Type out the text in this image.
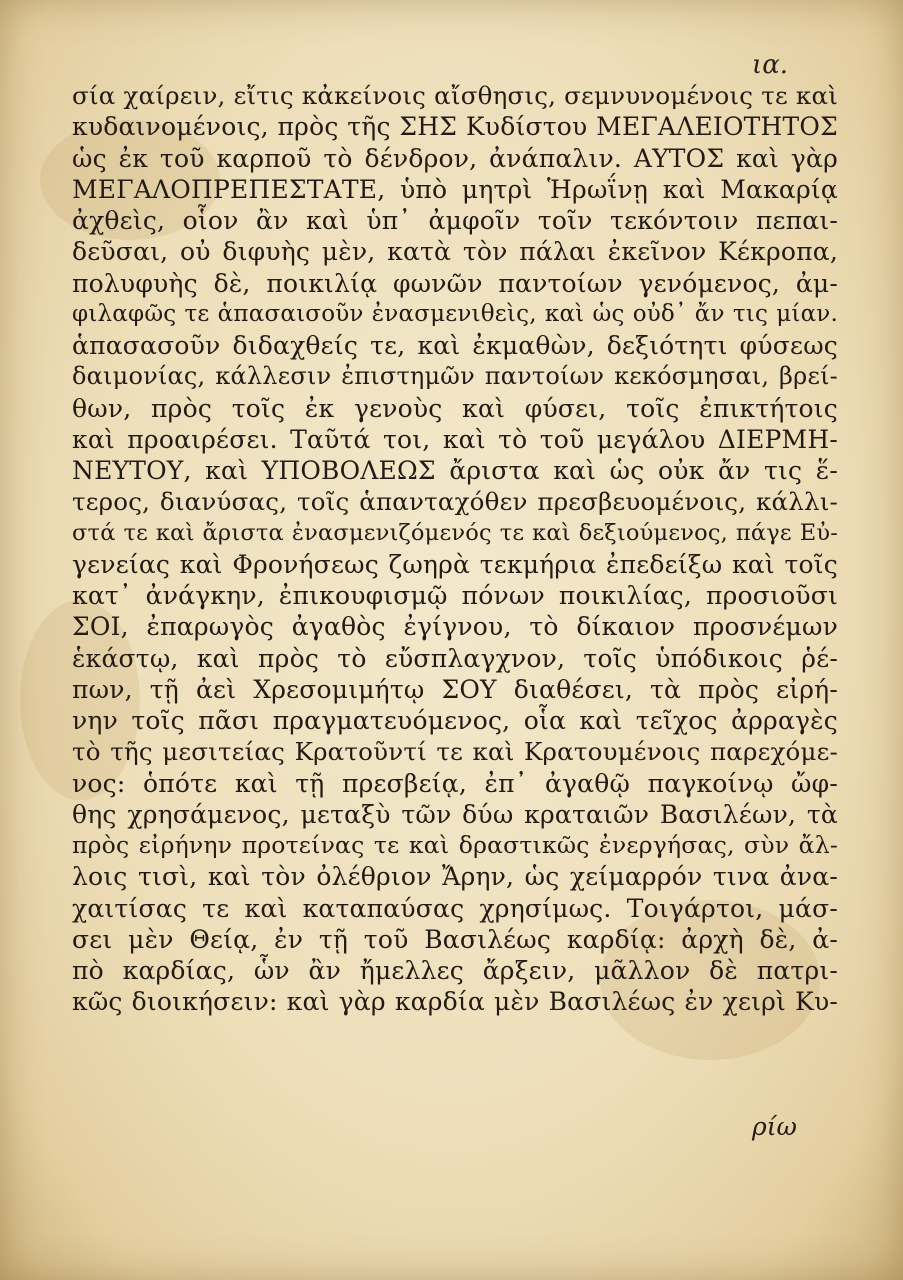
ια.
σία χαίρειν, εἴτις κἀκείνοις αἴσθησις, σεμνυνομένοις τε καὶ
κυδαινομένοις, πρὸς τῆς ΣΗΣ Κυδίστου ΜΕΓΑΛΕΙΟΤΗΤΟΣ
ὡς ἐκ τοῦ καρποῦ τὸ δένδρον, ἀνάπαλιν. ΑΥΤΟΣ καὶ γὰρ
ΜΕΓΑΛΟΠΡΕΠΕΣΤΑΤΕ, ὑπὸ μητρὶ Ἡρωΐνῃ καὶ Μακαρίᾳ
ἀχθεὶς, οἷον ἂν καὶ ὑπ᾽ ἀμφοῖν τοῖν τεκόντοιν πεπαι-
δεῦσαι, οὐ διφυὴς μὲν, κατὰ τὸν πάλαι ἐκεῖνον Κέκροπα,
πολυφυὴς δὲ, ποικιλίᾳ φωνῶν παντοίων γενόμενος, ἀμ-
φιλαφῶς τε ἁπασαισοῦν ἐνασμενιθεὶς, καὶ ὡς οὐδ᾽ ἄν τις μίαν.
ἁπασασοῦν διδαχθείς τε, καὶ ἐκμαθὼν, δεξιότητι φύσεως
δαιμονίας, κάλλεσιν ἐπιστημῶν παντοίων κεκόσμησαι, βρεί-
θων, πρὸς τοῖς ἐκ γενοὺς καὶ φύσει, τοῖς ἐπικτήτοις
καὶ προαιρέσει. Ταῦτά τοι, καὶ τὸ τοῦ μεγάλου ΔΙΕΡΜΗ-
ΝΕΥΤΟΥ, καὶ ΥΠΟΒΟΛΕΩΣ ἄριστα καὶ ὡς οὐκ ἄν τις ἕ-
τερος, διανύσας, τοῖς ἁπανταχόθεν πρεσβευομένοις, κάλλι-
στά τε καὶ ἄριστα ἐνασμενιζόμενός τε καὶ δεξιούμενος, πάγε Εὐ-
γενείας καὶ Φρονήσεως ζωηρὰ τεκμήρια ἐπεδείξω καὶ τοῖς
κατ᾽ ἀνάγκην, ἐπικουφισμῷ πόνων ποικιλίας, προσιοῦσι
ΣΟΙ, ἐπαρωγὸς ἀγαθὸς ἐγίγνου, τὸ δίκαιον προσνέμων
ἑκάστῳ, καὶ πρὸς τὸ εὔσπλαγχνον, τοῖς ὑπόδικοις ῥέ-
πων, τῇ ἀεὶ Χρεσομιμήτῳ ΣΟΥ διαθέσει, τὰ πρὸς εἰρή-
νην τοῖς πᾶσι πραγματευόμενος, οἷα καὶ τεῖχος ἀρραγὲς
τὸ τῆς μεσιτείας Κρατοῦντί τε καὶ Κρατουμένοις παρεχόμε-
νος: ὁπότε καὶ τῇ πρεσβείᾳ, ἐπ᾽ ἀγαθῷ παγκοίνῳ ὤφ-
θης χρησάμενος, μεταξὺ τῶν δύω κραταιῶν Βασιλέων, τὰ
πρὸς εἰρήνην προτείνας τε καὶ δραστικῶς ἐνεργήσας, σὺν ἄλ-
λοις τισὶ, καὶ τὸν ὀλέθριον Ἄρην, ὡς χείμαρρόν τινα ἀνα-
χαιτίσας τε καὶ καταπαύσας χρησίμως. Τοιγάρτοι, μάσ-
σει μὲν Θείᾳ, ἐν τῇ τοῦ Βασιλέως καρδίᾳ: ἀρχὴ δὲ, ἀ-
πὸ καρδίας, ὧν ἂν ἤμελλες ἄρξειν, μᾶλλον δὲ πατρι-
κῶς διοικήσειν: καὶ γὰρ καρδία μὲν Βασιλέως ἐν χειρὶ Κυ-
ρίω
